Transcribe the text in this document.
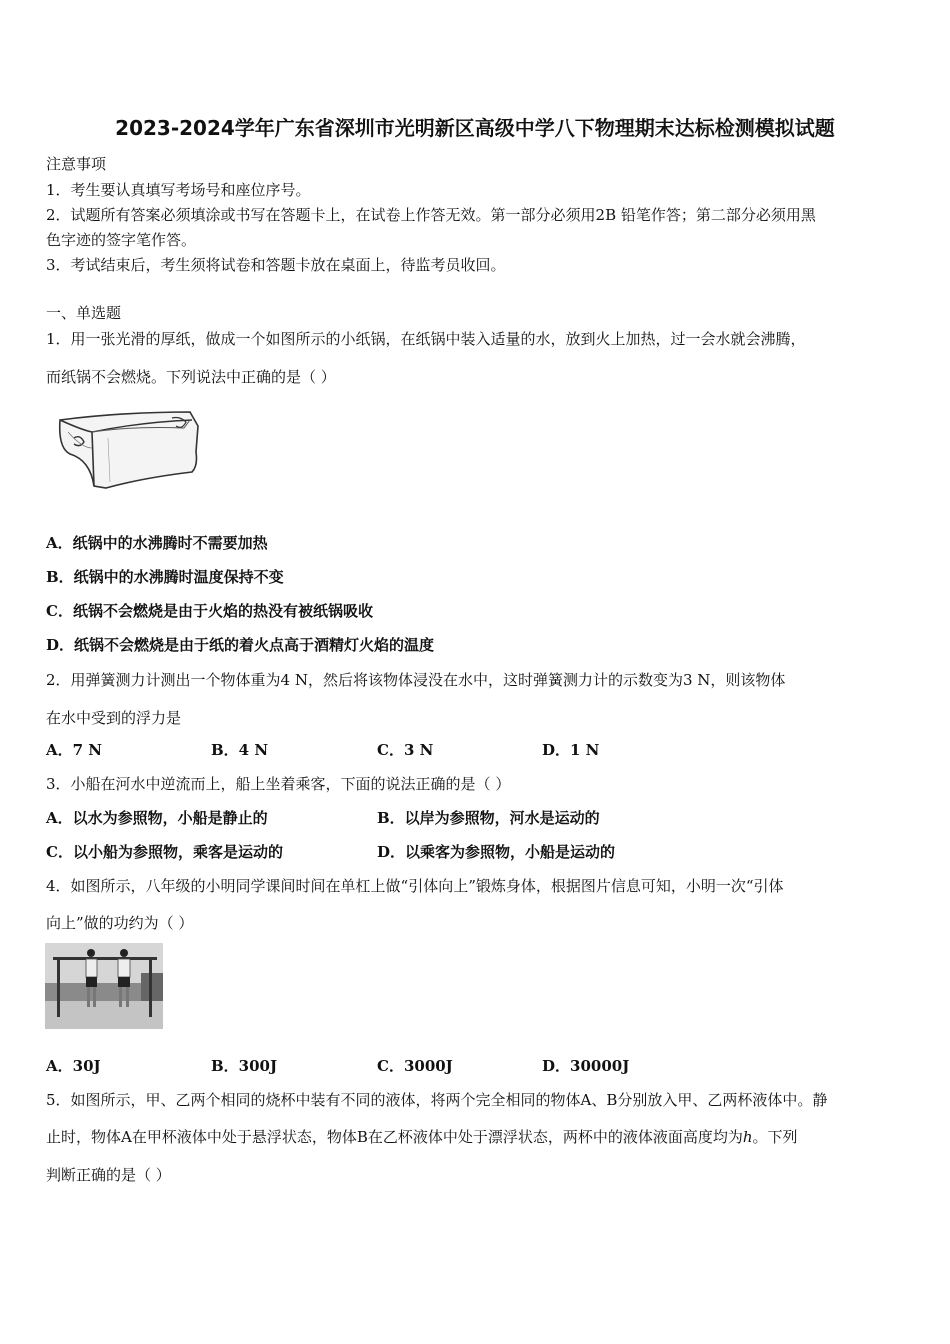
2023-2024学年广东省深圳市光明新区高级中学八下物理期末达标检测模拟试题
注意事项
1．考生要认真填写考场号和座位序号。
2．试题所有答案必须填涂或书写在答题卡上，在试卷上作答无效。第一部分必须用2B 铅笔作答；第二部分必须用黑
色字迹的签字笔作答。
3．考试结束后，考生须将试卷和答题卡放在桌面上，待监考员收回。
一、单选题
1．用一张光滑的厚纸，做成一个如图所示的小纸锅，在纸锅中装入适量的水，放到火上加热，过一会水就会沸腾，
而纸锅不会燃烧。下列说法中正确的是（ ）
A．纸锅中的水沸腾时不需要加热
B．纸锅中的水沸腾时温度保持不变
C．纸锅不会燃烧是由于火焰的热没有被纸锅吸收
D．纸锅不会燃烧是由于纸的着火点高于酒精灯火焰的温度
2．用弹簧测力计测出一个物体重为4 N，然后将该物体浸没在水中，这时弹簧测力计的示数变为3 N，则该物体
在水中受到的浮力是
A．7 N	B．4 N	C．3 N	D．1 N
3．小船在河水中逆流而上，船上坐着乘客，下面的说法正确的是（ ）
A．以水为参照物，小船是静止的	B．以岸为参照物，河水是运动的
C．以小船为参照物，乘客是运动的	D．以乘客为参照物，小船是运动的
4．如图所示，八年级的小明同学课间时间在单杠上做“引体向上”锻炼身体，根据图片信息可知，小明一次“引体
向上”做的功约为（ ）
A．30J	B．300J	C．3000J	D．30000J
5．如图所示，甲、乙两个相同的烧杯中装有不同的液体，将两个完全相同的物体A、B分别放入甲、乙两杯液体中。静
止时，物体A在甲杯液体中处于悬浮状态，物体B在乙杯液体中处于漂浮状态，两杯中的液体液面高度均为h。下列
判断正确的是（ ）
